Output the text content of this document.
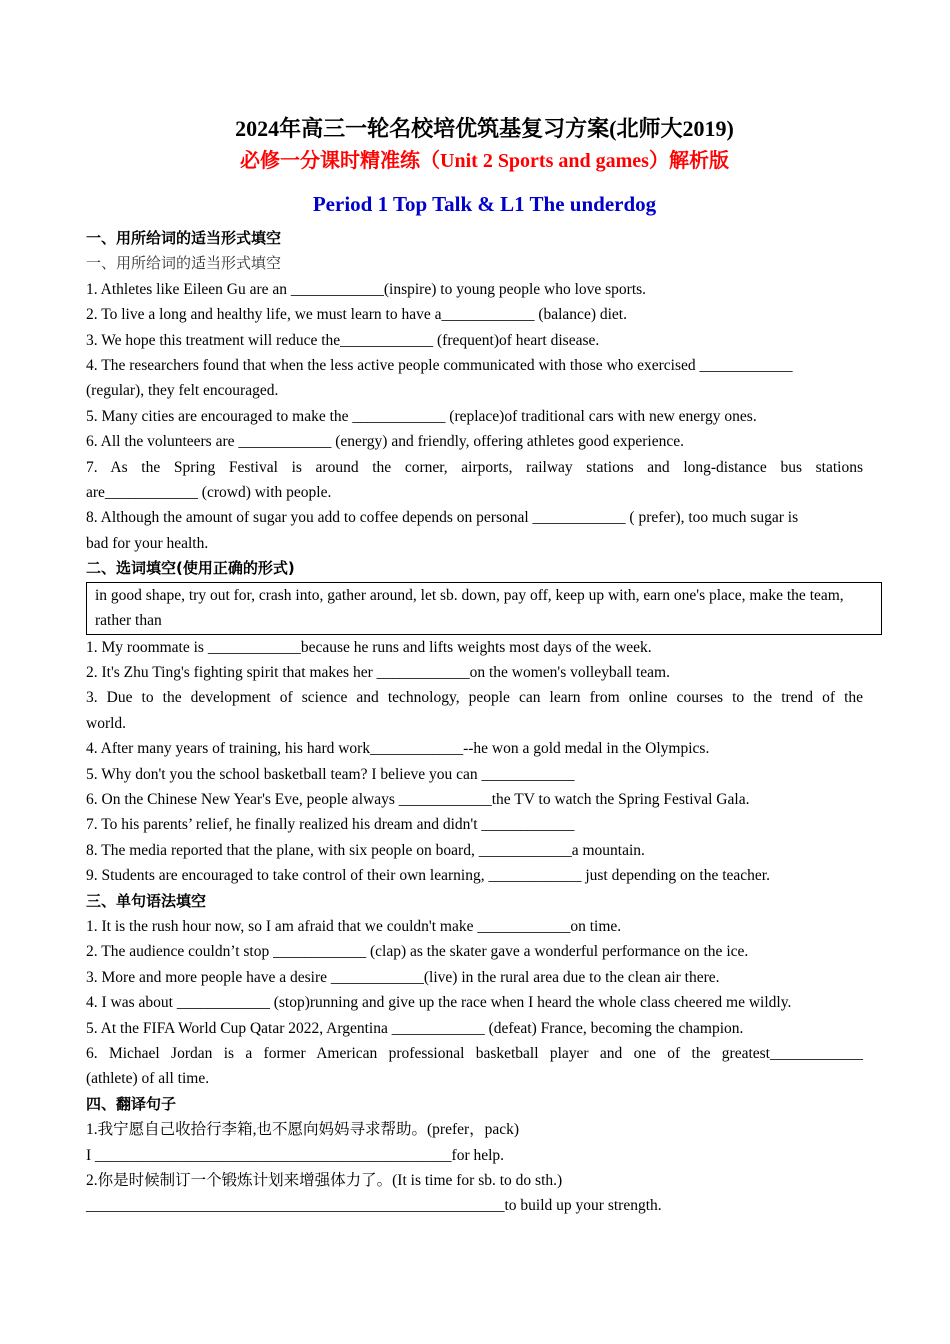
2024年高三一轮名校培优筑基复习方案(北师大2019)
必修一分课时精准练（Unit 2 Sports and games）解析版
Period 1 Top Talk & L1 The underdog
一、用所给词的适当形式填空
一、用所给词的适当形式填空
1. Athletes like Eileen Gu are an ____________(inspire) to young people who love sports.
2. To live a long and healthy life, we must learn to have a____________ (balance) diet.
3. We hope this treatment will reduce the____________ (frequent)of heart disease.
4. The researchers found that when the less active people communicated with those who exercised ____________
(regular), they felt encouraged.
5. Many cities are encouraged to make the ____________ (replace)of traditional cars with new energy ones.
6. All the volunteers are ____________ (energy) and friendly, offering athletes good experience.
7. As the Spring Festival is around the corner, airports, railway stations and long-distance bus stations
are____________ (crowd) with people.
8. Although the amount of sugar you add to coffee depends on personal ____________ ( prefer), too much sugar is
bad for your health.
二、选词填空(使用正确的形式)
in good shape, try out for, crash into, gather around, let sb. down, pay off, keep up with, earn one's place, make the team, rather than
1. My roommate is ____________because he runs and lifts weights most days of the week.
2. It's Zhu Ting's fighting spirit that makes her ____________on the women's volleyball team.
3. Due to the development of science and technology, people can learn from online courses to the trend of the
world.
4. After many years of training, his hard work____________--he won a gold medal in the Olympics.
5. Why don't you the school basketball team? I believe you can ____________
6. On the Chinese New Year's Eve, people always ____________the TV to watch the Spring Festival Gala.
7. To his parents’ relief, he finally realized his dream and didn't ____________
8. The media reported that the plane, with six people on board, ____________a mountain.
9. Students are encouraged to take control of their own learning, ____________ just depending on the teacher.
三、单句语法填空
1. It is the rush hour now, so I am afraid that we couldn't make ____________on time.
2. The audience couldn’t stop ____________ (clap) as the skater gave a wonderful performance on the ice.
3. More and more people have a desire ____________(live) in the rural area due to the clean air there.
4. I was about ____________ (stop)running and give up the race when I heard the whole class cheered me wildly.
5. At the FIFA World Cup Qatar 2022, Argentina ____________ (defeat) France, becoming the champion.
6. Michael Jordan is a former American professional basketball player and one of the greatest____________
(athlete) of all time.
四、翻译句子
1.我宁愿自己收拾行李箱,也不愿向妈妈寻求帮助。(prefer，pack)
I ______________________________________________for help.
2.你是时候制订一个锻炼计划来增强体力了。(It is time for sb. to do sth.)
______________________________________________________to build up your strength.
